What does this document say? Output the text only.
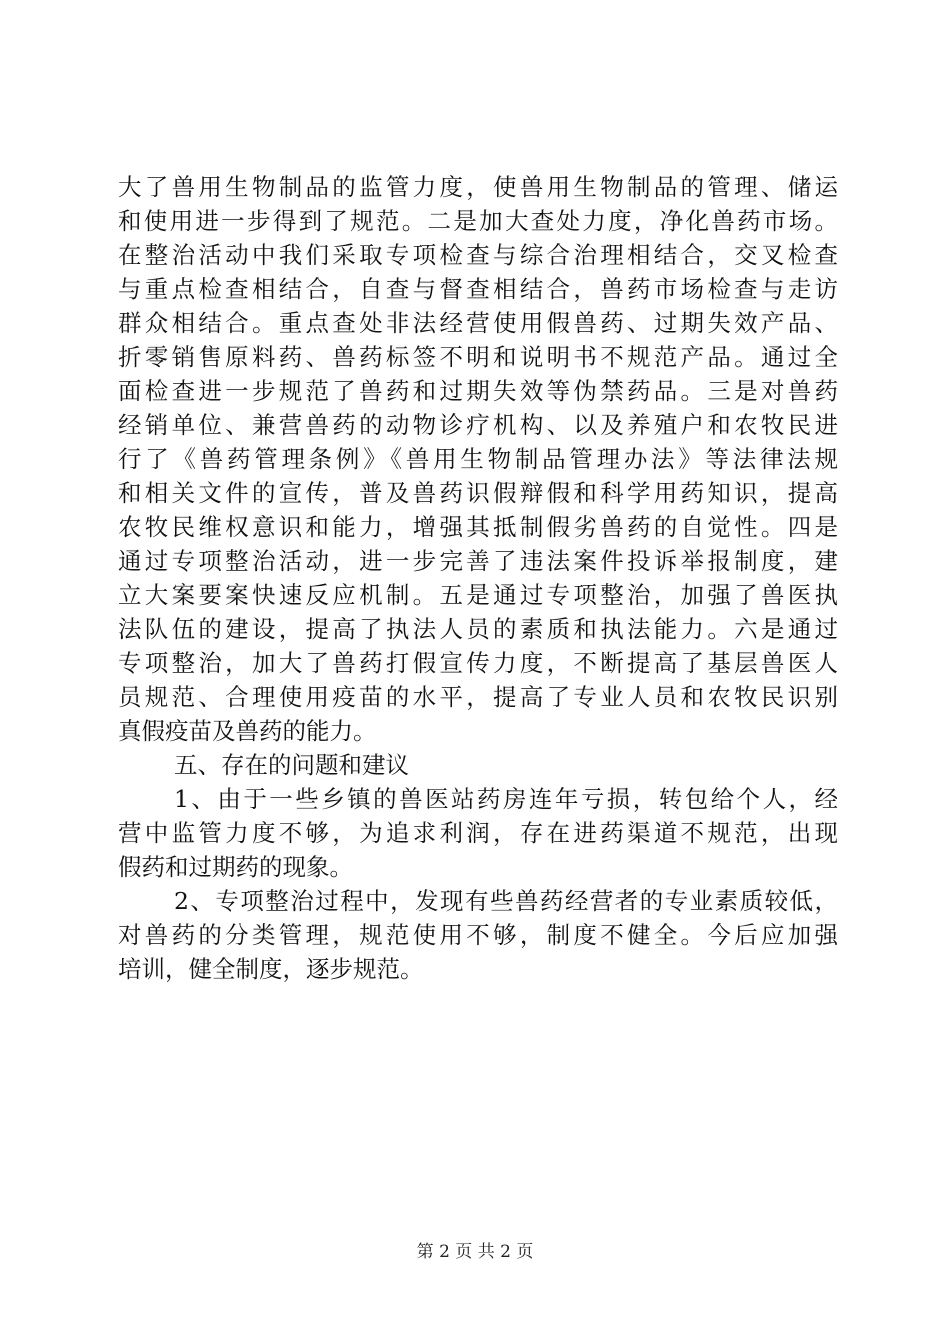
大了兽用生物制品的监管力度，使兽用生物制品的管理、储运
和使用进一步得到了规范。二是加大查处力度，净化兽药市场。
在整治活动中我们采取专项检查与综合治理相结合，交叉检查
与重点检查相结合，自查与督查相结合，兽药市场检查与走访
群众相结合。重点查处非法经营使用假兽药、过期失效产品、
折零销售原料药、兽药标签不明和说明书不规范产品。通过全
面检查进一步规范了兽药和过期失效等伪禁药品。三是对兽药
经销单位、兼营兽药的动物诊疗机构、以及养殖户和农牧民进
行了《兽药管理条例》《兽用生物制品管理办法》等法律法规
和相关文件的宣传，普及兽药识假辩假和科学用药知识，提高
农牧民维权意识和能力，增强其抵制假劣兽药的自觉性。四是
通过专项整治活动，进一步完善了违法案件投诉举报制度，建
立大案要案快速反应机制。五是通过专项整治，加强了兽医执
法队伍的建设，提高了执法人员的素质和执法能力。六是通过
专项整治，加大了兽药打假宣传力度，不断提高了基层兽医人
员规范、合理使用疫苗的水平，提高了专业人员和农牧民识别
真假疫苗及兽药的能力。
五、存在的问题和建议
1、由于一些乡镇的兽医站药房连年亏损，转包给个人，经
营中监管力度不够，为追求利润，存在进药渠道不规范，出现
假药和过期药的现象。
2、专项整治过程中，发现有些兽药经营者的专业素质较低，
对兽药的分类管理，规范使用不够，制度不健全。今后应加强
培训，健全制度，逐步规范。
第 2 页 共 2 页
